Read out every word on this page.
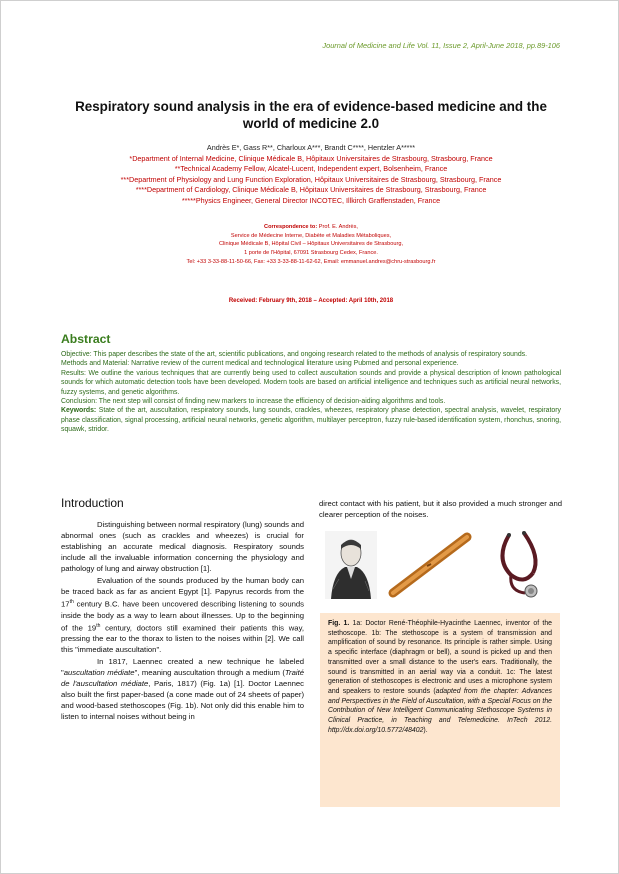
Journal of Medicine and Life Vol. 11, Issue 2, April-June 2018, pp.89-106
Respiratory sound analysis in the era of evidence-based medicine and the world of medicine 2.0
Andrès E*, Gass R**, Charloux A***, Brandt C****, Hentzler A*****
*Department of Internal Medicine, Clinique Médicale B, Hôpitaux Universitaires de Strasbourg, Strasbourg, France
**Technical Academy Fellow, Alcatel-Lucent, Independent expert, Bolsenheim, France
***Department of Physiology and Lung Function Exploration, Hôpitaux Universitaires de Strasbourg, Strasbourg, France
****Department of Cardiology, Clinique Médicale B, Hôpitaux Universitaires de Strasbourg, Strasbourg, France
*****Physics Engineer, General Director INCOTEC, Illkirch Graffenstaden, France
Correspondence to: Prof. E. Andrès,
Service de Médecine Interne, Diabète et Maladies Métaboliques,
Clinique Médicale B, Hôpital Civil – Hôpitaux Universitaires de Strasbourg,
1 porte de l'Hôpital, 67091 Strasbourg Cedex, France.
Tel: +33 3-33-88-11-50-66, Fax: +33 3-33-88-11-62-62, Email: emmanuel.andres@chru-strasbourg.fr
Received: February 9th, 2018 – Accepted: April 10th, 2018
Abstract

Objective: This paper describes the state of the art, scientific publications, and ongoing research related to the methods of analysis of respiratory sounds.

Methods and Material: Narrative review of the current medical and technological literature using Pubmed and personal experience.

Results: We outline the various techniques that are currently being used to collect auscultation sounds and provide a physical description of known pathological sounds for which automatic detection tools have been developed. Modern tools are based on artificial intelligence and techniques such as artificial neural networks, fuzzy systems, and genetic algorithms.

Conclusion: The next step will consist of finding new markers to increase the efficiency of decision-aiding algorithms and tools.

Keywords: State of the art, auscultation, respiratory sounds, lung sounds, crackles, wheezes, respiratory phase detection, spectral analysis, wavelet, respiratory phase classification, signal processing, artificial neural networks, genetic algorithm, multilayer perceptron, fuzzy rule-based identification system, rhonchus, snoring, squawk, stridor.

Introduction

Distinguishing between normal respiratory (lung) sounds and abnormal ones (such as crackles and wheezes) is crucial for establishing an accurate medical diagnosis. Respiratory sounds include all the invaluable information concerning the physiology and pathology of lung and airway obstruction [1].

Evaluation of the sounds produced by the human body can be traced back as far as ancient Egypt [1]. Papyrus records from the 17th century B.C. have been uncovered describing listening to sounds inside the body as a way to learn about illnesses. Up to the beginning of the 19th century, doctors still examined their patients this way, pressing the ear to the thorax to listen to the noises within [2]. We call this "immediate auscultation".

In 1817, Laennec created a new technique he labeled "auscultation médiate", meaning auscultation through a medium (Traité de l'auscultation médiate, Paris, 1817) (Fig. 1a) [1]. Doctor Laennec also built the first paper-based (a cone made out of 24 sheets of paper) and wood-based stethoscopes (Fig. 1b). Not only did this enable him to listen to internal noises without being in

direct contact with his patient, but it also provided a much stronger and clearer perception of the noises.
Fig. 1. 1a: Doctor René-Théophile-Hyacinthe Laennec, inventor of the stethoscope. 1b: The stethoscope is a system of transmission and amplification of sound by resonance. Its principle is rather simple. Using a specific interface (diaphragm or bell), a sound is picked up and then transmitted over a small distance to the user's ears. Traditionally, the sound is transmitted in an aerial way via a conduit. 1c: The latest generation of stethoscopes is electronic and uses a microphone system and speakers to restore sounds (adapted from the chapter: Advances and Perspectives in the Field of Auscultation, with a Special Focus on the Contribution of New Intelligent Communicating Stethoscope Systems in Clinical Practice, in Teaching and Telemedicine. InTech 2012. http://dx.doi.org/10.5772/48402).
